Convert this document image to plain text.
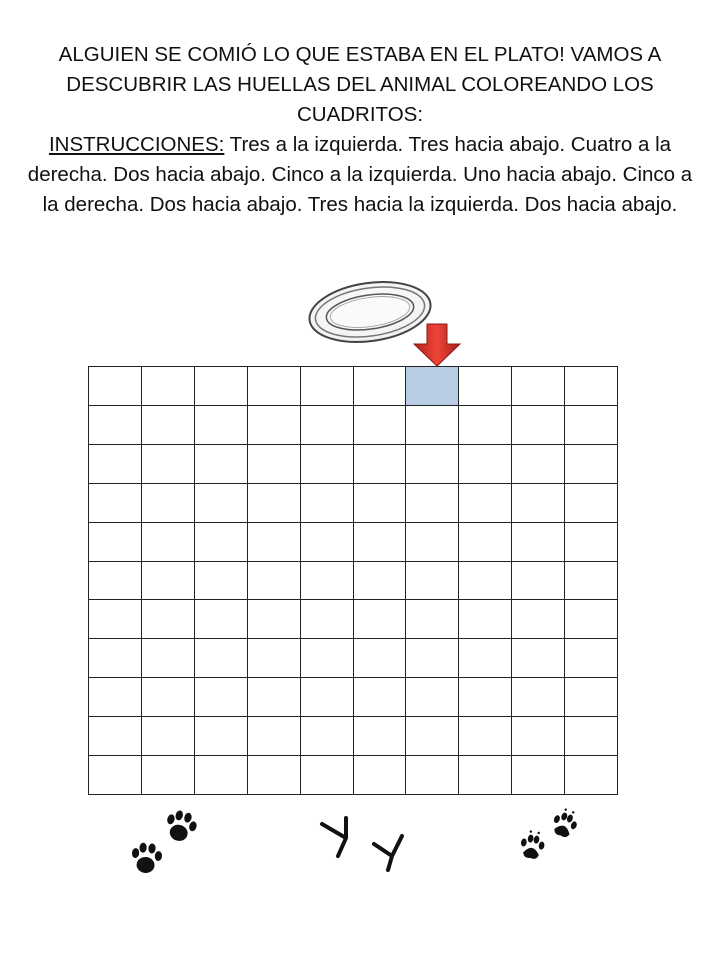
ALGUIEN SE COMIÓ LO QUE ESTABA EN EL PLATO! VAMOS A DESCUBRIR LAS HUELLAS DEL ANIMAL COLOREANDO LOS CUADRITOS:
INSTRUCCIONES: Tres a la izquierda. Tres hacia abajo. Cuatro a la derecha. Dos hacia abajo. Cinco a la izquierda. Uno hacia abajo. Cinco a la derecha. Dos hacia abajo. Tres hacia la izquierda. Dos hacia abajo.
